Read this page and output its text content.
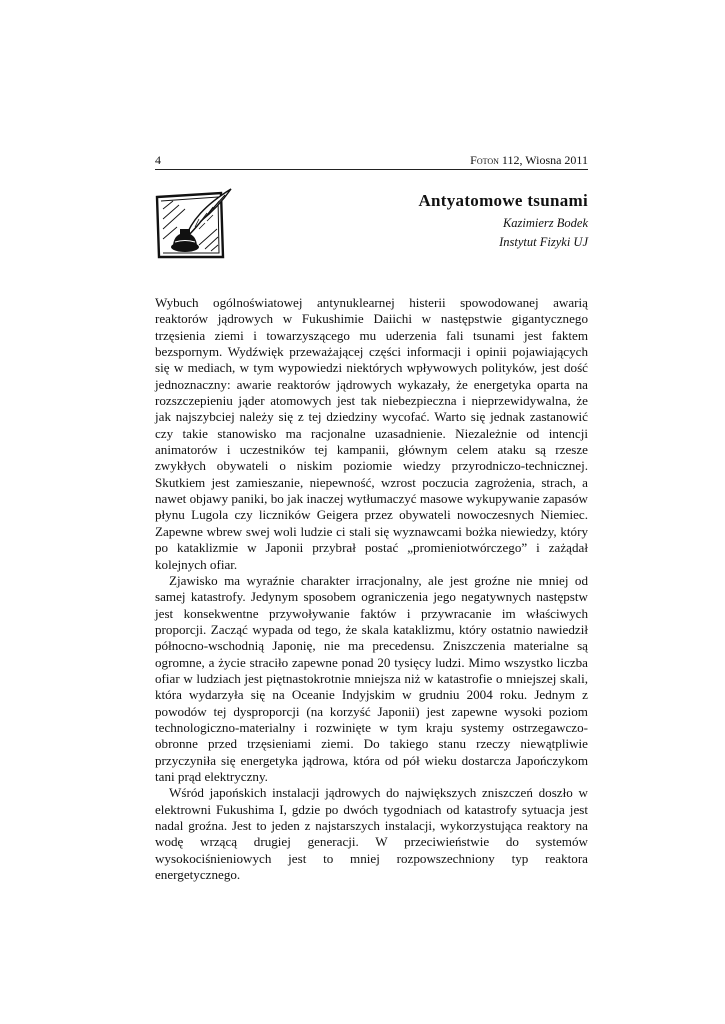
4	Foton 112, Wiosna 2011
Antyatomowe tsunami
Kazimierz Bodek
Instytut Fizyki UJ

Wybuch ogólnoświatowej antynuklearnej histerii spowodowanej awarią reaktorów jądrowych w Fukushimie Daiichi w następstwie gigantycznego trzęsienia ziemi i towarzyszącego mu uderzenia fali tsunami jest faktem bezspornym. Wydźwięk przeważającej części informacji i opinii pojawiających się w mediach, w tym wypowiedzi niektórych wpływowych polityków, jest dość jednoznaczny: awarie reaktorów jądrowych wykazały, że energetyka oparta na rozszczepieniu jąder atomowych jest tak niebezpieczna i nieprzewidywalna, że jak najszybciej należy się z tej dziedziny wycofać. Warto się jednak zastanowić czy takie stanowisko ma racjonalne uzasadnienie. Niezależnie od intencji animatorów i uczestników tej kampanii, głównym celem ataku są rzesze zwykłych obywateli o niskim poziomie wiedzy przyrodniczo-technicznej. Skutkiem jest zamieszanie, niepewność, wzrost poczucia zagrożenia, strach, a nawet objawy paniki, bo jak inaczej wytłumaczyć masowe wykupywanie zapasów płynu Lugola czy liczników Geigera przez obywateli nowoczesnych Niemiec. Zapewne wbrew swej woli ludzie ci stali się wyznawcami bożka niewiedzy, który po kataklizmie w Japonii przybrał postać „promieniotwórczego” i zażądał kolejnych ofiar.

Zjawisko ma wyraźnie charakter irracjonalny, ale jest groźne nie mniej od samej katastrofy. Jedynym sposobem ograniczenia jego negatywnych następstw jest konsekwentne przywoływanie faktów i przywracanie im właściwych proporcji. Zacząć wypada od tego, że skala kataklizmu, który ostatnio nawiedził północno-wschodnią Japonię, nie ma precedensu. Zniszczenia materialne są ogromne, a życie straciło zapewne ponad 20 tysięcy ludzi. Mimo wszystko liczba ofiar w ludziach jest piętnastokrotnie mniejsza niż w katastrofie o mniejszej skali, która wydarzyła się na Oceanie Indyjskim w grudniu 2004 roku. Jednym z powodów tej dysproporcji (na korzyść Japonii) jest zapewne wysoki poziom technologiczno-materialny i rozwinięte w tym kraju systemy ostrzegawczo-obronne przed trzęsieniami ziemi. Do takiego stanu rzeczy niewątpliwie przyczyniła się energetyka jądrowa, która od pół wieku dostarcza Japończykom tani prąd elektryczny.

Wśród japońskich instalacji jądrowych do największych zniszczeń doszło w elektrowni Fukushima I, gdzie po dwóch tygodniach od katastrofy sytuacja jest nadal groźna. Jest to jeden z najstarszych instalacji, wykorzystująca reaktory na wodę wrzącą drugiej generacji. W przeciwieństwie do systemów wysokociśnieniowych jest to mniej rozpowszechniony typ reaktora energetycznego.
